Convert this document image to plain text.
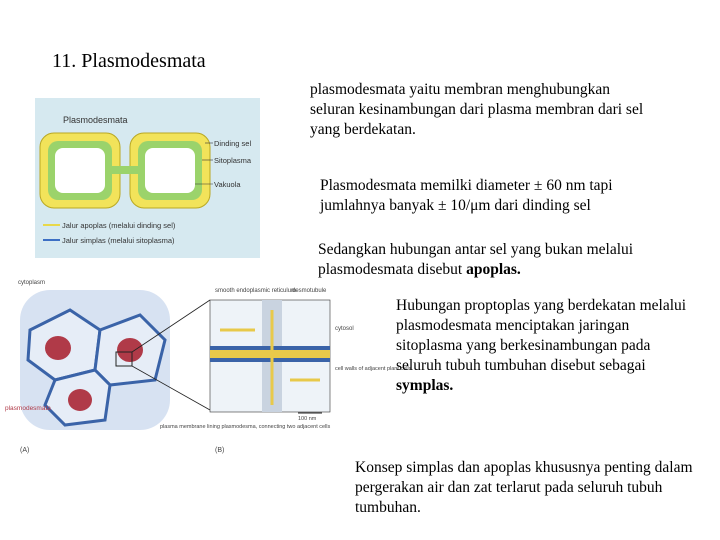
11. Plasmodesmata
Plasmodesmata
Dinding sel
Sitoplasma
Vakuola
Jalur apoplas (melalui dinding sel)
Jalur simplas (melalui sitoplasma)
cytoplasm
plasmodesmata
smooth endoplasmic reticulum
desmotubule
cytosol
cell walls of adjacent plant cells
plasma membrane lining plasmodesma, connecting two adjacent cells
100 nm
(A)	(B)
plasmodesmata yaitu membran menghubungkan seluran kesinambungan dari plasma membran dari sel yang berdekatan.
Plasmodesmata memilki diameter ± 60 nm tapi jumlahnya banyak ± 10/μm dari dinding sel
Sedangkan hubungan antar sel yang bukan melalui plasmodesmata disebut apoplas.
Hubungan proptoplas yang berdekatan melalui plasmodesmata menciptakan jaringan sitoplasma yang berkesinambungan pada seluruh tubuh tumbuhan disebut sebagai symplas.
Konsep simplas dan apoplas khususnya penting dalam pergerakan air dan zat terlarut pada seluruh tubuh tumbuhan.
